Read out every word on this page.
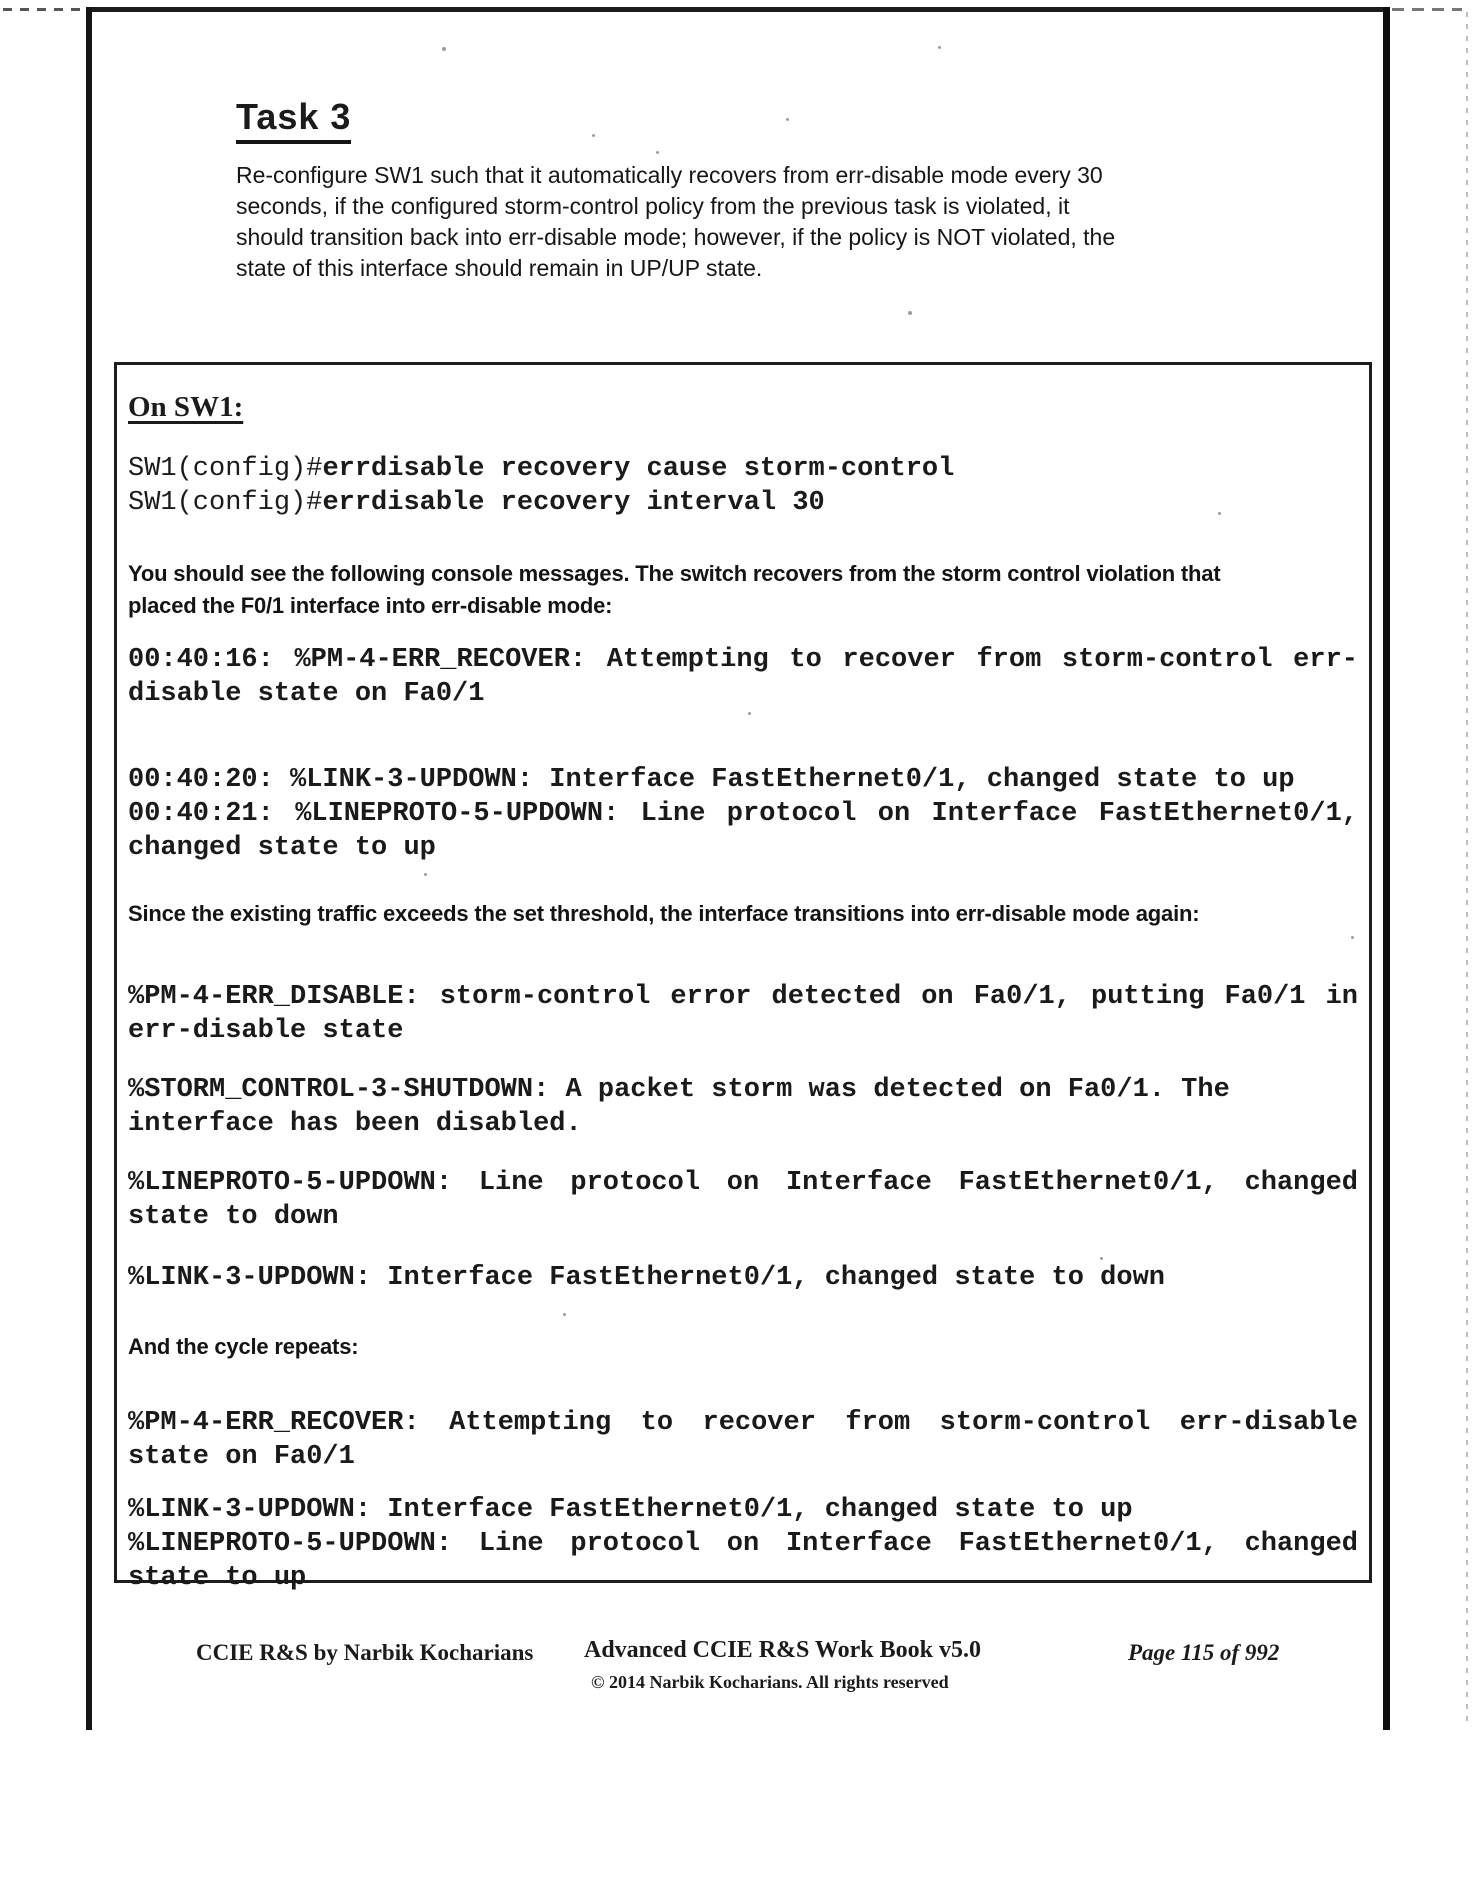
Task 3
Re-configure SW1 such that it automatically recovers from err-disable mode every 30
seconds, if the configured storm-control policy from the previous task is violated, it
should transition back into err-disable mode; however, if the policy is NOT violated, the
state of this interface should remain in UP/UP state.
On SW1:
SW1(config)#errdisable recovery cause storm-control
SW1(config)#errdisable recovery interval 30
You should see the following console messages. The switch recovers from the storm control violation that
placed the F0/1 interface into err-disable mode:
00:40:16: %PM-4-ERR_RECOVER: Attempting to recover from storm-control err-
disable state on Fa0/1
00:40:20: %LINK-3-UPDOWN: Interface FastEthernet0/1, changed state to up
00:40:21: %LINEPROTO-5-UPDOWN: Line protocol on Interface FastEthernet0/1,
changed state to up
Since the existing traffic exceeds the set threshold, the interface transitions into err-disable mode again:
%PM-4-ERR_DISABLE: storm-control error detected on Fa0/1, putting Fa0/1 in
err-disable state
%STORM_CONTROL-3-SHUTDOWN: A packet storm was detected on Fa0/1. The
interface has been disabled.
%LINEPROTO-5-UPDOWN: Line protocol on Interface FastEthernet0/1, changed
state to down
%LINK-3-UPDOWN: Interface FastEthernet0/1, changed state to down
And the cycle repeats:
%PM-4-ERR_RECOVER: Attempting to recover from storm-control err-disable
state on Fa0/1
%LINK-3-UPDOWN: Interface FastEthernet0/1, changed state to up
%LINEPROTO-5-UPDOWN: Line protocol on Interface FastEthernet0/1, changed
state to up
CCIE R&S by Narbik Kocharians Advanced CCIE R&S Work Book v5.0
© 2014 Narbik Kocharians. All rights reserved
Page 115 of 992
